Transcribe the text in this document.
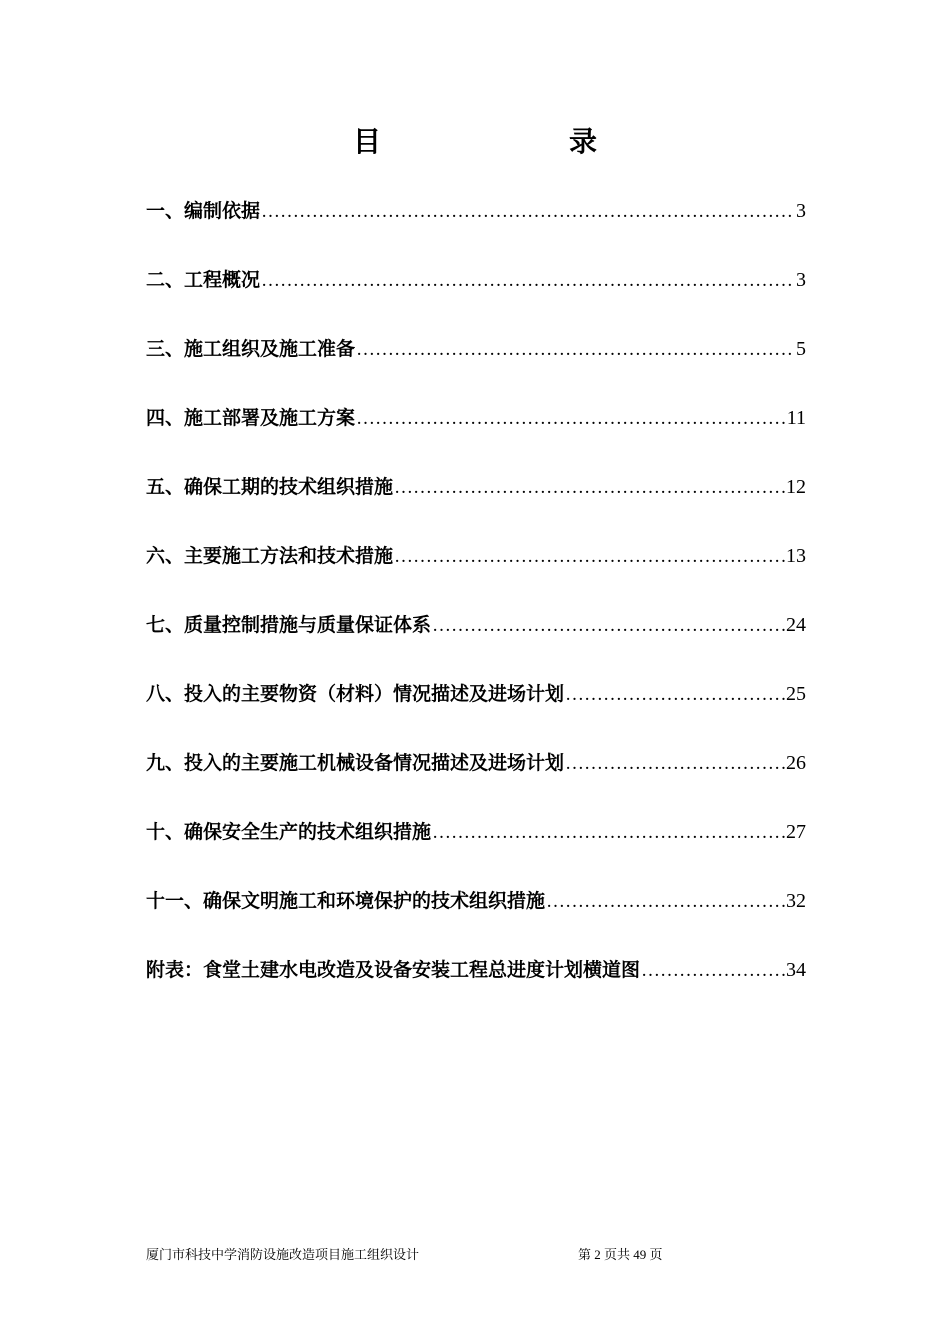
目　　录
一、编制依据 ……………………………………………………………………………………………………………………………………	3
二、工程概况 ……………………………………………………………………………………………………………………………………	3
三、施工组织及施工准备 ……………………………………………………………………………………………………………………………………	5
四、施工部署及施工方案 ……………………………………………………………………………………………………………………………………	11
五、确保工期的技术组织措施 ……………………………………………………………………………………………………………………………………	12
六、主要施工方法和技术措施 ……………………………………………………………………………………………………………………………………	13
七、质量控制措施与质量保证体系 ……………………………………………………………………………………………………………………………………	24
八、投入的主要物资（材料）情况描述及进场计划 ……………………………………………………………………………………………………………………………………	25
九、投入的主要施工机械设备情况描述及进场计划 ……………………………………………………………………………………………………………………………………	26
十、确保安全生产的技术组织措施 ……………………………………………………………………………………………………………………………………	27
十一、确保文明施工和环境保护的技术组织措施 ……………………………………………………………………………………………………………………………………	32
附表：食堂土建水电改造及设备安装工程总进度计划横道图 ……………………………………………………………………………………………………………………………………	34
厦门市科技中学消防设施改造项目施工组织设计	第 2 页共 49 页
